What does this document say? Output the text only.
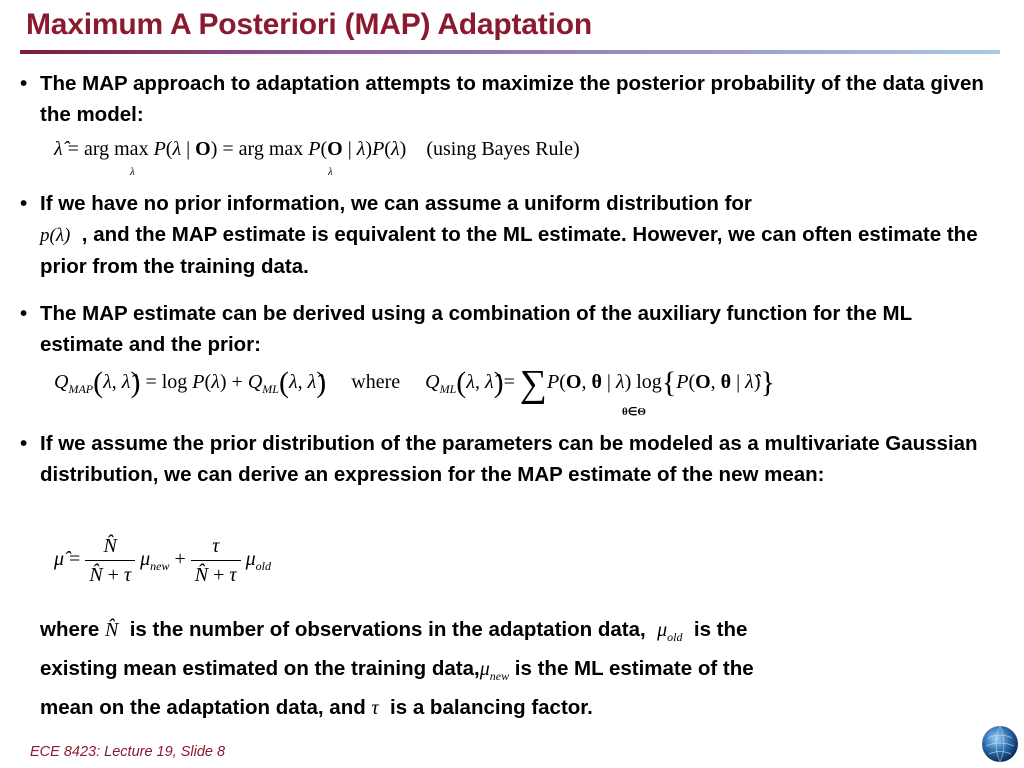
Maximum A Posteriori (MAP) Adaptation
• The MAP approach to adaptation attempts to maximize the posterior probability of the data given the model:
λ̂ = arg max P(λ | O) = arg max P(O | λ)P(λ)    (using Bayes Rule)
λ	λ
• If we have no prior information, we can assume a uniform distribution for
p(λ) , and the MAP estimate is equivalent to the ML estimate. However, we can often estimate the prior from the training data.
• The MAP estimate can be derived using a combination of the auxiliary function for the ML estimate and the prior:
$Q_{MAP}(\lambda$, λ̂) = $\log P(\lambda) + Q_{ML}(\lambda$, λ̂) where $Q_{ML}(\lambda$, λ̂)= ∑P(O, θ | λ) log{P(O, θ | λ̂)}
θ∈Θ
• If we assume the prior distribution of the parameters can be modeled as a multivariate Gaussian distribution, we can derive an expression for the MAP estimate of the new mean:
μ̂ = $\frac{N̂}{N̂ + \tau} \mu_{new} + \frac{\tau}{N̂ + \tau} \mu_{old}$
where N̂ is the number of observations in the adaptation data, $\mu_{old}$ is the
existing mean estimated on the training $data,\mu_{new}$ is the ML estimate of the
mean on the adaptation data, and τ is a balancing factor.
ECE 8423: Lecture 19, Slide 8
